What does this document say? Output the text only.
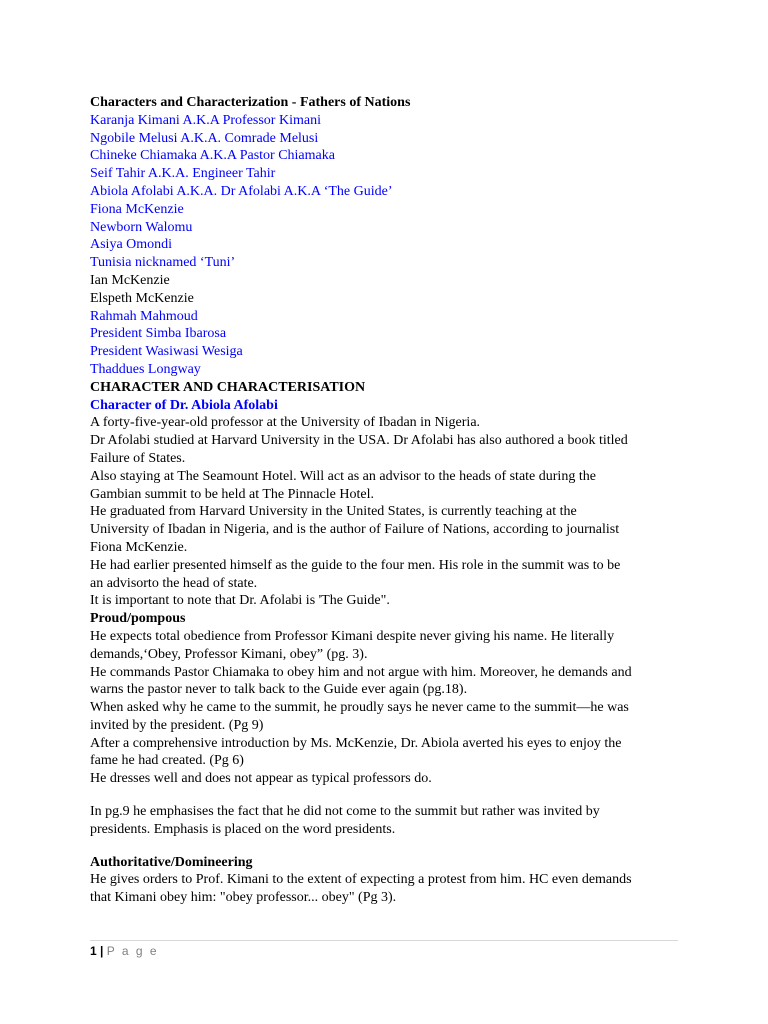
Characters and Characterization - Fathers of Nations
Karanja Kimani A.K.A Professor Kimani
Ngobile Melusi A.K.A. Comrade Melusi
Chineke Chiamaka A.K.A Pastor Chiamaka
Seif Tahir A.K.A. Engineer Tahir
Abiola Afolabi A.K.A. Dr Afolabi A.K.A ‘The Guide’
Fiona McKenzie
Newborn Walomu
Asiya Omondi
Tunisia nicknamed ‘Tuni’
Ian McKenzie
Elspeth McKenzie
Rahmah Mahmoud
President Simba Ibarosa
President Wasiwasi Wesiga
Thaddues Longway
CHARACTER AND CHARACTERISATION
Character of Dr. Abiola Afolabi
A forty-five-year-old professor at the University of Ibadan in Nigeria.
Dr Afolabi studied at Harvard University in the USA. Dr Afolabi has also authored a book titled
Failure of States.
Also staying at The Seamount Hotel. Will act as an advisor to the heads of state during the
Gambian summit to be held at The Pinnacle Hotel.
He graduated from Harvard University in the United States, is currently teaching at the
University of Ibadan in Nigeria, and is the author of Failure of Nations, according to journalist
Fiona McKenzie.
He had earlier presented himself as the guide to the four men. His role in the summit was to be
an advisorto the head of state.
It is important to note that Dr. Afolabi is 'The Guide".
Proud/pompous
He expects total obedience from Professor Kimani despite never giving his name. He literally
demands,‘Obey, Professor Kimani, obey” (pg. 3).
He commands Pastor Chiamaka to obey him and not argue with him. Moreover, he demands and
warns the pastor never to talk back to the Guide ever again (pg.18).
When asked why he came to the summit, he proudly says he never came to the summit—he was
invited by the president. (Pg 9)
After a comprehensive introduction by Ms. McKenzie, Dr. Abiola averted his eyes to enjoy the
fame he had created. (Pg 6)
He dresses well and does not appear as typical professors do.
In pg.9 he emphasises the fact that he did not come to the summit but rather was invited by
presidents. Emphasis is placed on the word presidents.
Authoritative/Domineering
He gives orders to Prof. Kimani to the extent of expecting a protest from him. HC even demands
that Kimani obey him: "obey professor... obey" (Pg 3).
1 | P a g e
